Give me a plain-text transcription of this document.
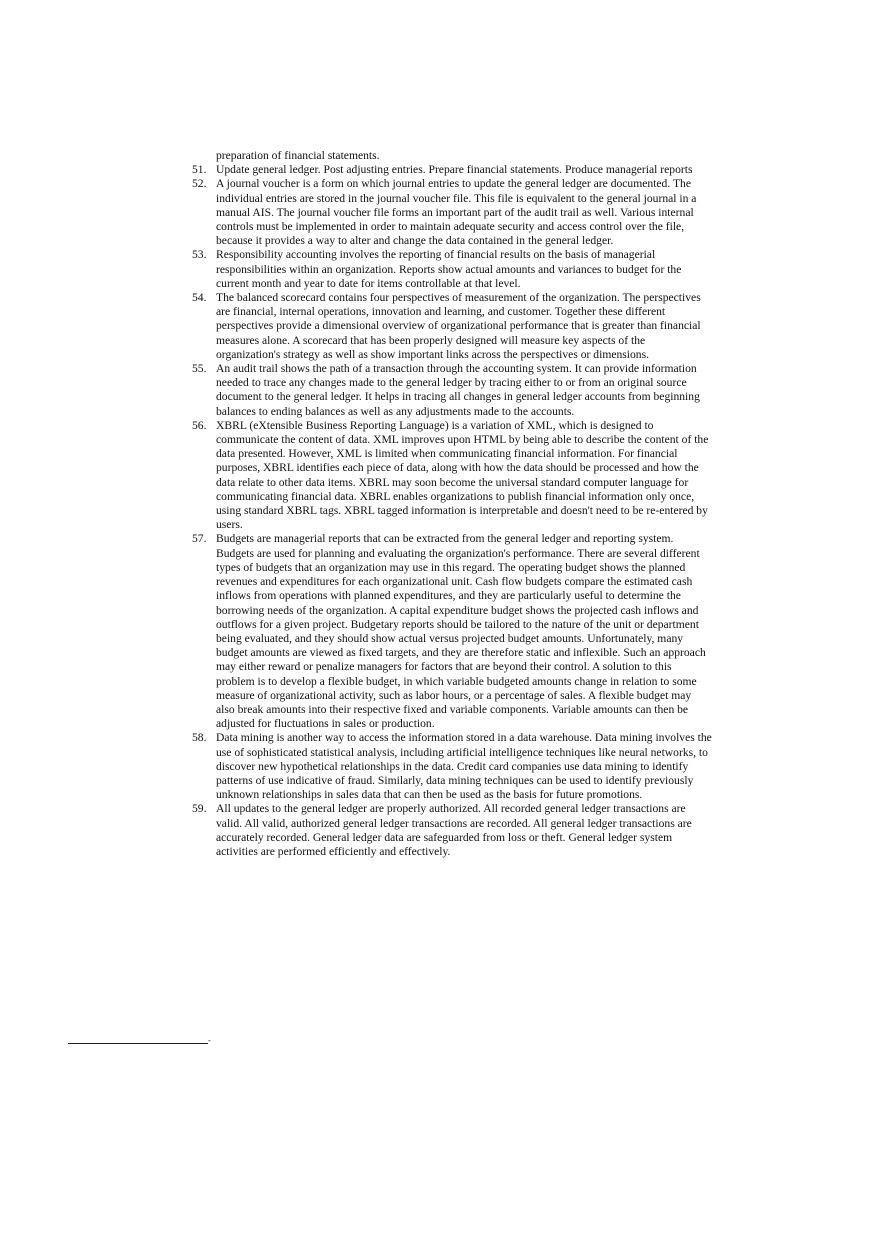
preparation of financial statements.

51. Update general ledger. Post adjusting entries. Prepare financial statements. Produce managerial reports
52. A journal voucher is a form on which journal entries to update the general ledger are documented. The individual entries are stored in the journal voucher file. This file is equivalent to the general journal in a manual AIS. The journal voucher file forms an important part of the audit trail as well. Various internal controls must be implemented in order to maintain adequate security and access control over the file, because it provides a way to alter and change the data contained in the general ledger.
53. Responsibility accounting involves the reporting of financial results on the basis of managerial responsibilities within an organization. Reports show actual amounts and variances to budget for the current month and year to date for items controllable at that level.
54. The balanced scorecard contains four perspectives of measurement of the organization. The perspectives are financial, internal operations, innovation and learning, and customer. Together these different perspectives provide a dimensional overview of organizational performance that is greater than financial measures alone. A scorecard that has been properly designed will measure key aspects of the organization's strategy as well as show important links across the perspectives or dimensions.
55. An audit trail shows the path of a transaction through the accounting system. It can provide information needed to trace any changes made to the general ledger by tracing either to or from an original source document to the general ledger. It helps in tracing all changes in general ledger accounts from beginning balances to ending balances as well as any adjustments made to the accounts.
56. XBRL (eXtensible Business Reporting Language) is a variation of XML, which is designed to communicate the content of data. XML improves upon HTML by being able to describe the content of the data presented. However, XML is limited when communicating financial information. For financial purposes, XBRL identifies each piece of data, along with how the data should be processed and how the data relate to other data items. XBRL may soon become the universal standard computer language for communicating financial data. XBRL enables organizations to publish financial information only once, using standard XBRL tags. XBRL tagged information is interpretable and doesn't need to be re-entered by users.
57. Budgets are managerial reports that can be extracted from the general ledger and reporting system. Budgets are used for planning and evaluating the organization's performance. There are several different types of budgets that an organization may use in this regard. The operating budget shows the planned revenues and expenditures for each organizational unit. Cash flow budgets compare the estimated cash inflows from operations with planned expenditures, and they are particularly useful to determine the borrowing needs of the organization. A capital expenditure budget shows the projected cash inflows and outflows for a given project. Budgetary reports should be tailored to the nature of the unit or department being evaluated, and they should show actual versus projected budget amounts. Unfortunately, many budget amounts are viewed as fixed targets, and they are therefore static and inflexible. Such an approach may either reward or penalize managers for factors that are beyond their control. A solution to this problem is to develop a flexible budget, in which variable budgeted amounts change in relation to some measure of organizational activity, such as labor hours, or a percentage of sales. A flexible budget may also break amounts into their respective fixed and variable components. Variable amounts can then be adjusted for fluctuations in sales or production.
58. Data mining is another way to access the information stored in a data warehouse. Data mining involves the use of sophisticated statistical analysis, including artificial intelligence techniques like neural networks, to discover new hypothetical relationships in the data. Credit card companies use data mining to identify patterns of use indicative of fraud. Similarly, data mining techniques can be used to identify previously unknown relationships in sales data that can then be used as the basis for future promotions.
59. All updates to the general ledger are properly authorized. All recorded general ledger transactions are valid. All valid, authorized general ledger transactions are recorded. All general ledger transactions are accurately recorded. General ledger data are safeguarded from loss or theft. General ledger system activities are performed efficiently and effectively.
-
